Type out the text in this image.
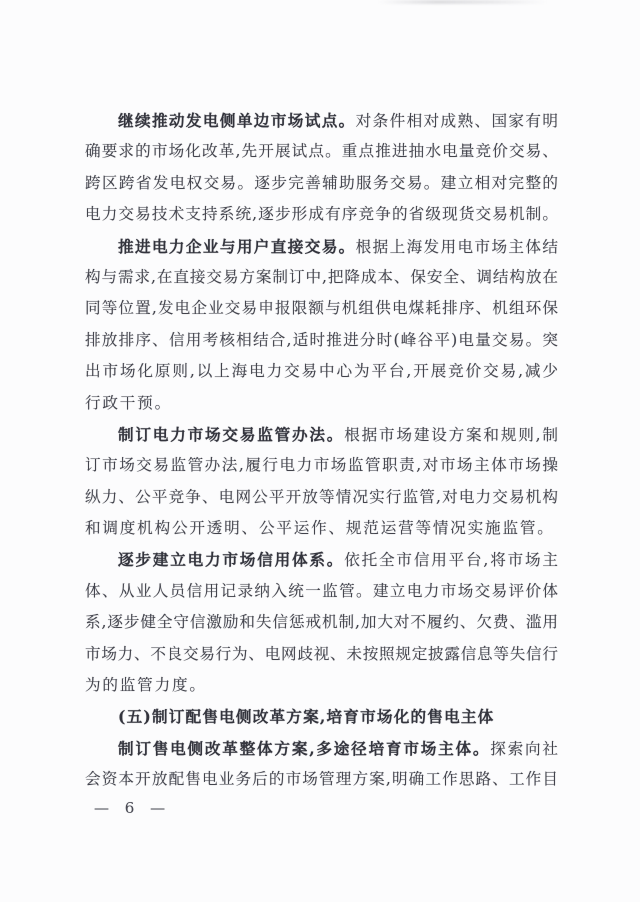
继续推动发电侧单边市场试点。对条件相对成熟、国家有明
确要求的市场化改革,先开展试点。重点推进抽水电量竞价交易、
跨区跨省发电权交易。逐步完善辅助服务交易。建立相对完整的
电力交易技术支持系统,逐步形成有序竞争的省级现货交易机制。
推进电力企业与用户直接交易。根据上海发用电市场主体结
构与需求,在直接交易方案制订中,把降成本、保安全、调结构放在
同等位置,发电企业交易申报限额与机组供电煤耗排序、机组环保
排放排序、信用考核相结合,适时推进分时(峰谷平)电量交易。突
出市场化原则,以上海电力交易中心为平台,开展竞价交易,减少
行政干预。
制订电力市场交易监管办法。根据市场建设方案和规则,制
订市场交易监管办法,履行电力市场监管职责,对市场主体市场操
纵力、公平竞争、电网公平开放等情况实行监管,对电力交易机构
和调度机构公开透明、公平运作、规范运营等情况实施监管。
逐步建立电力市场信用体系。依托全市信用平台,将市场主
体、从业人员信用记录纳入统一监管。建立电力市场交易评价体
系,逐步健全守信激励和失信惩戒机制,加大对不履约、欠费、滥用
市场力、不良交易行为、电网歧视、未按照规定披露信息等失信行
为的监管力度。
(五)制订配售电侧改革方案,培育市场化的售电主体
制订售电侧改革整体方案,多途径培育市场主体。探索向社
会资本开放配售电业务后的市场管理方案,明确工作思路、工作目
— 6 —
